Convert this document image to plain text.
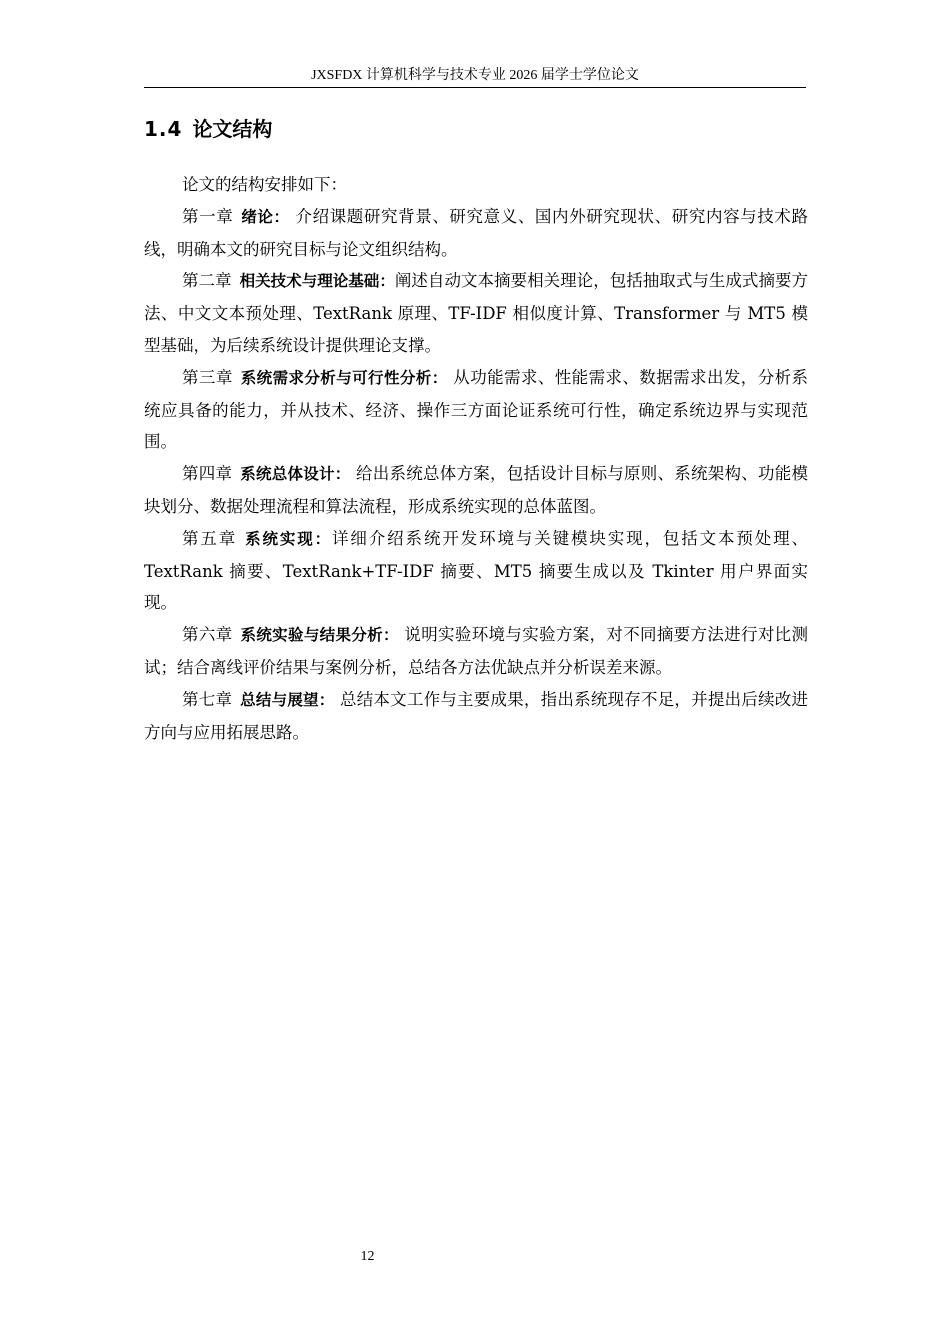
JXSFDX 计算机科学与技术专业 2026 届学士学位论文
1.4 论文结构

论文的结构安排如下：

第一章 绪论： 介绍课题研究背景、研究意义、国内外研究现状、研究内容与技术路线，明确本文的研究目标与论文组织结构。

第二章 相关技术与理论基础：阐述自动文本摘要相关理论，包括抽取式与生成式摘要方法、中文文本预处理、TextRank 原理、TF-IDF 相似度计算、Transformer 与 MT5 模型基础，为后续系统设计提供理论支撑。

第三章 系统需求分析与可行性分析： 从功能需求、性能需求、数据需求出发，分析系统应具备的能力，并从技术、经济、操作三方面论证系统可行性，确定系统边界与实现范围。

第四章 系统总体设计： 给出系统总体方案，包括设计目标与原则、系统架构、功能模块划分、数据处理流程和算法流程，形成系统实现的总体蓝图。

第五章 系统实现：详细介绍系统开发环境与关键模块实现，包括文本预处理、TextRank 摘要、TextRank+TF-IDF 摘要、MT5 摘要生成以及 Tkinter 用户界面实现。

第六章 系统实验与结果分析： 说明实验环境与实验方案，对不同摘要方法进行对比测试；结合离线评价结果与案例分析，总结各方法优缺点并分析误差来源。

第七章 总结与展望： 总结本文工作与主要成果，指出系统现存不足，并提出后续改进方向与应用拓展思路。

12
